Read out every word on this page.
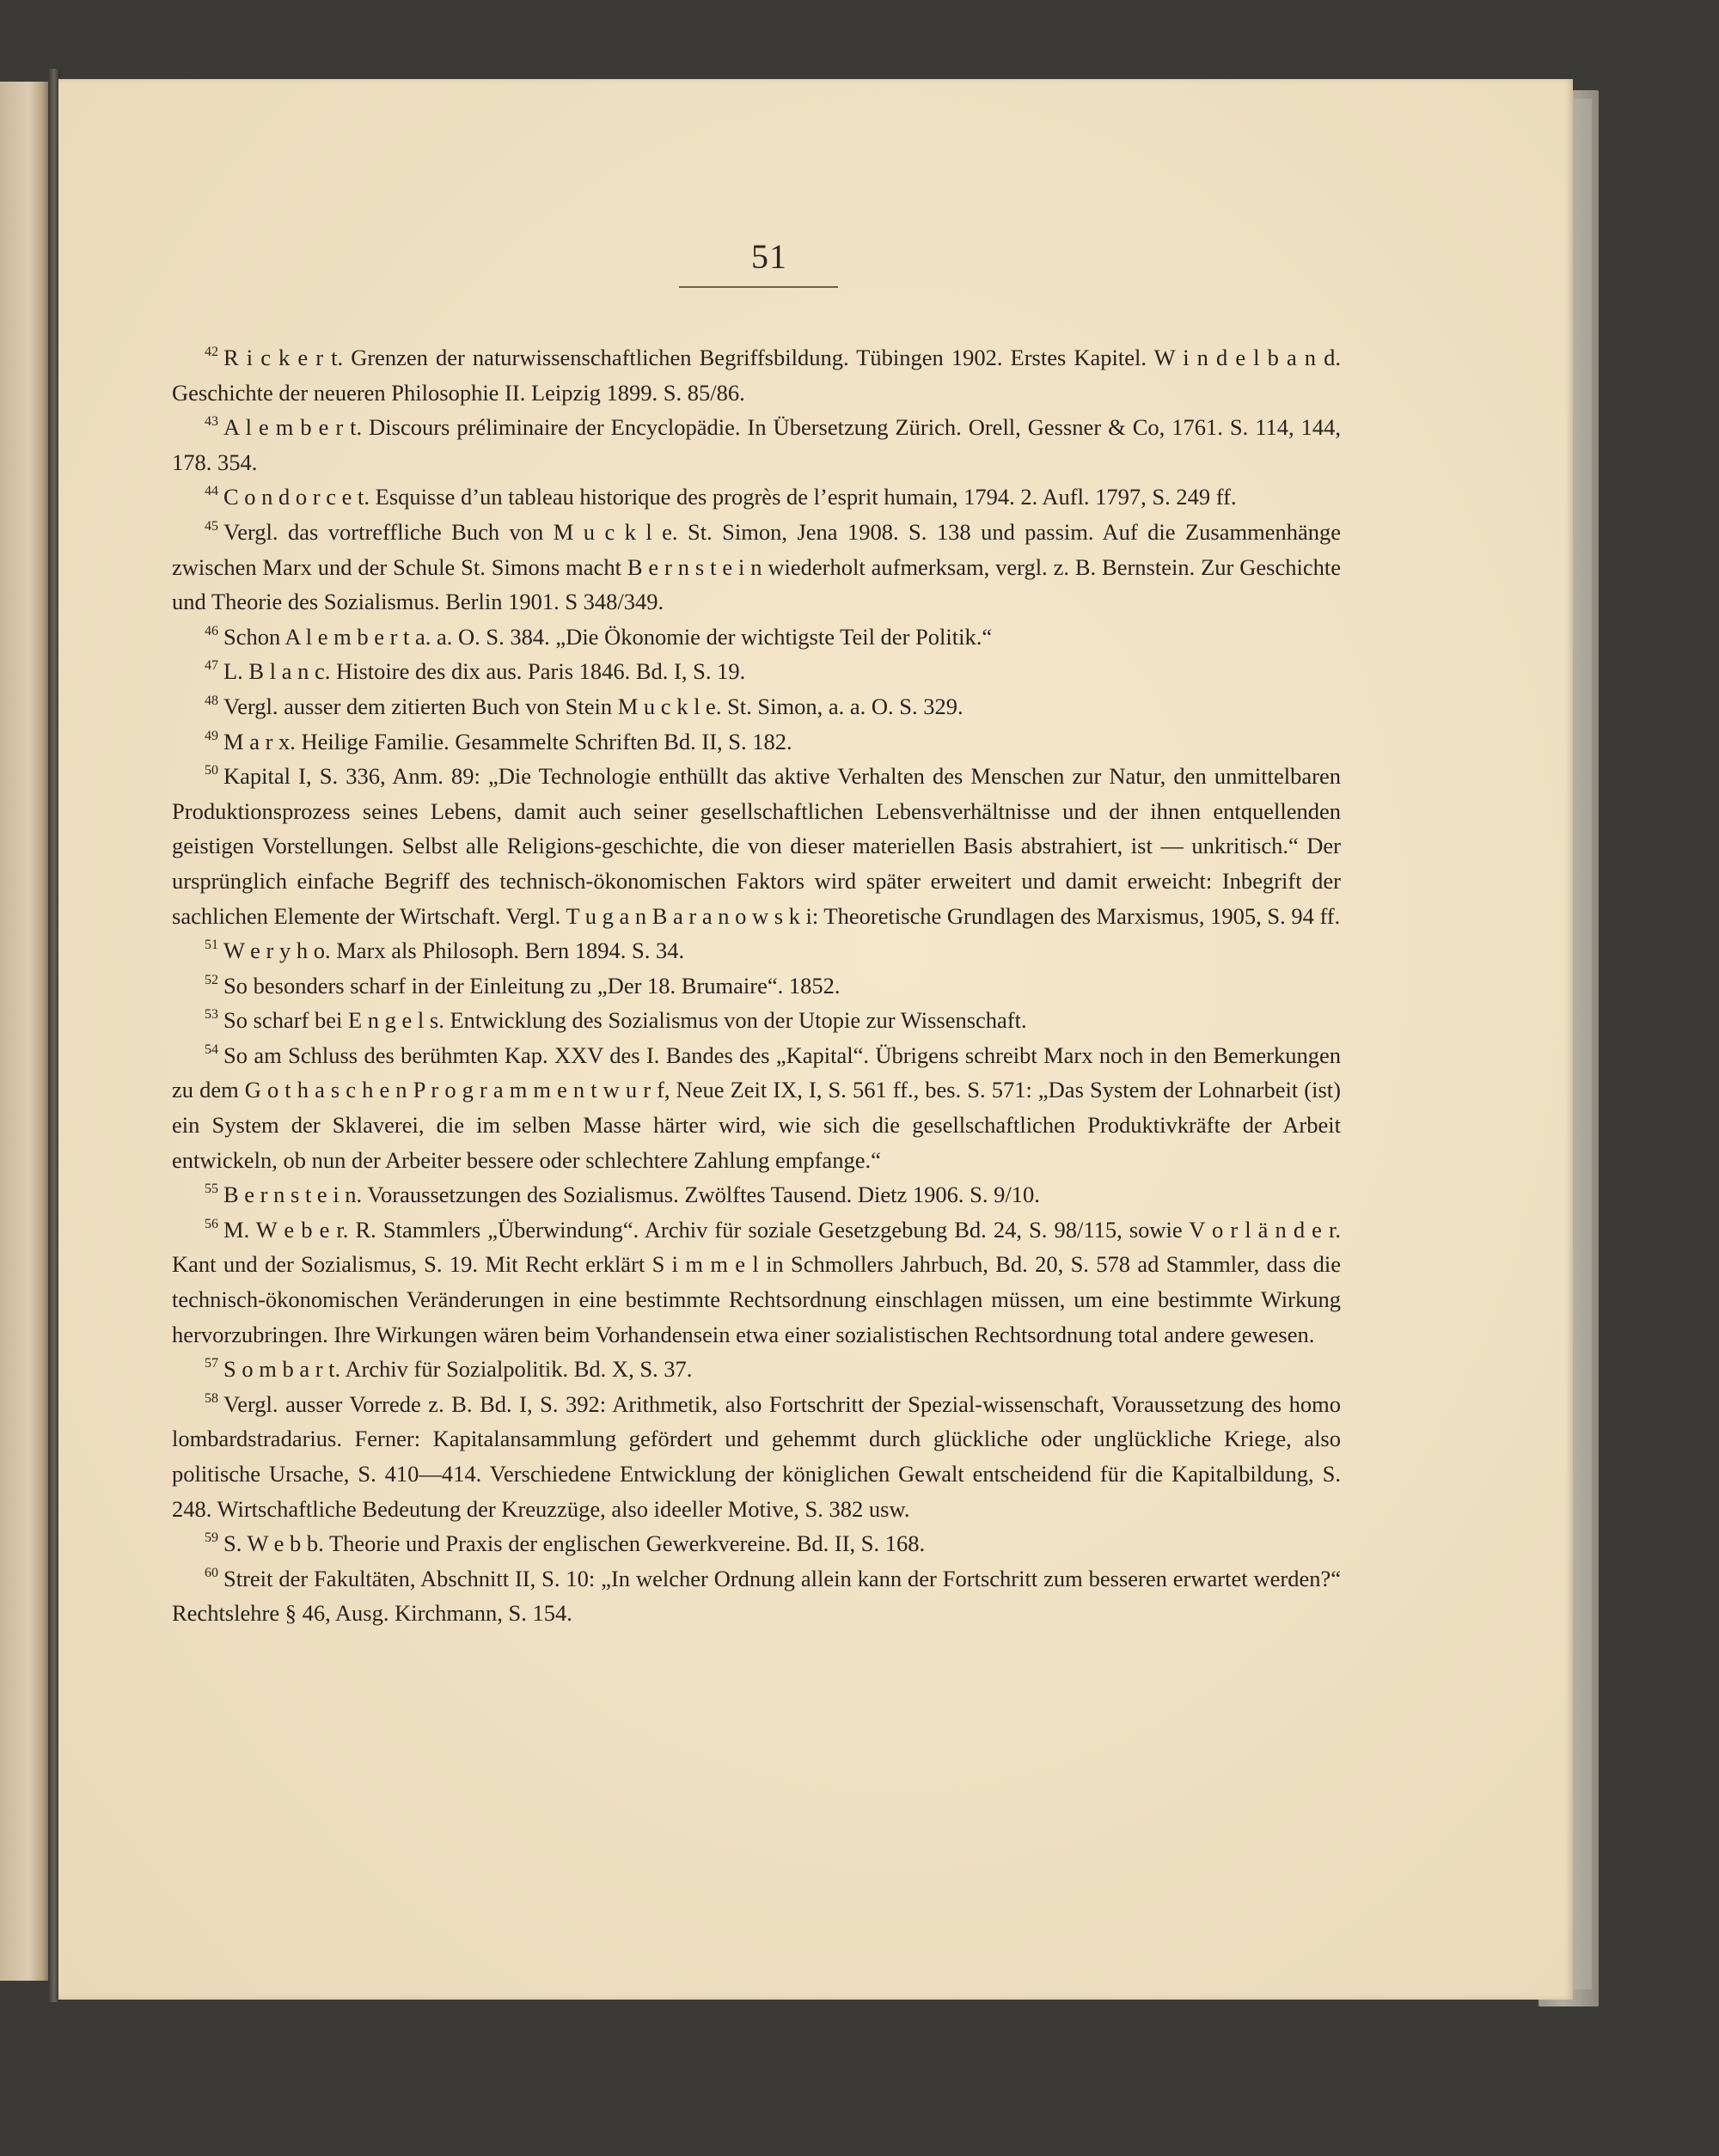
51

$^{42}$ R i c k e r t. Grenzen der naturwissenschaftlichen Begriffsbildung. Tübingen 1902. Erstes Kapitel. W i n d e l b a n d. Geschichte der neueren Philosophie II. Leipzig 1899. S. 85/86.

$^{43}$ A l e m b e r t. Discours préliminaire der Encyclopädie. In Übersetzung Zürich. Orell, Gessner & Co, 1761. S. 114, 144, 178. 354.

$^{44}$ C o n d o r c e t. Esquisse d’un tableau historique des progrès de l’esprit humain, 1794. 2. Aufl. 1797, S. 249 ff.

$^{45}$ Vergl. das vortreffliche Buch von M u c k l e. St. Simon, Jena 1908. S. 138 und passim. Auf die Zusammenhänge zwischen Marx und der Schule St. Simons macht B e r n s t e i n wiederholt aufmerksam, vergl. z. B. Bernstein. Zur Geschichte und Theorie des Sozialismus. Berlin 1901. S 348/349.

$^{46}$ Schon A l e m b e r t a. a. O. S. 384. „Die Ökonomie der wichtigste Teil der Politik.“

$^{47}$ L. B l a n c. Histoire des dix aus. Paris 1846. Bd. I, S. 19.

$^{48}$ Vergl. ausser dem zitierten Buch von Stein M u c k l e. St. Simon, a. a. O. S. 329.

$^{49}$ M a r x. Heilige Familie. Gesammelte Schriften Bd. II, S. 182.

$^{50}$ Kapital I, S. 336, Anm. 89: „Die Technologie enthüllt das aktive Verhalten des Menschen zur Natur, den unmittelbaren Produktionsprozess seines Lebens, damit auch seiner gesellschaftlichen Lebensverhältnisse und der ihnen entquellenden geistigen Vorstellungen. Selbst alle Religions-geschichte, die von dieser materiellen Basis abstrahiert, ist — unkritisch.“ Der ursprünglich einfache Begriff des technisch-ökonomischen Faktors wird später erweitert und damit erweicht: Inbegrift der sachlichen Elemente der Wirtschaft. Vergl. T u g a n B a r a n o w s k i: Theoretische Grundlagen des Marxismus, 1905, S. 94 ff.

$^{51}$ W e r y h o. Marx als Philosoph. Bern 1894. S. 34.

$^{52}$ So besonders scharf in der Einleitung zu „Der 18. Brumaire“. 1852.

$^{53}$ So scharf bei E n g e l s. Entwicklung des Sozialismus von der Utopie zur Wissenschaft.

$^{54}$ So am Schluss des berühmten Kap. XXV des I. Bandes des „Kapital“. Übrigens schreibt Marx noch in den Bemerkungen zu dem G o t h a s c h e n P r o g r a m m e n t w u r f, Neue Zeit IX, I, S. 561 ff., bes. S. 571: „Das System der Lohnarbeit (ist) ein System der Sklaverei, die im selben Masse härter wird, wie sich die gesellschaftlichen Produktivkräfte der Arbeit entwickeln, ob nun der Arbeiter bessere oder schlechtere Zahlung empfange.“

$^{55}$ B e r n s t e i n. Voraussetzungen des Sozialismus. Zwölftes Tausend. Dietz 1906. S. 9/10.

$^{56}$ M. W e b e r. R. Stammlers „Überwindung“. Archiv für soziale Gesetzgebung Bd. 24, S. 98/115, sowie V o r l ä n d e r. Kant und der Sozialismus, S. 19. Mit Recht erklärt S i m m e l in Schmollers Jahrbuch, Bd. 20, S. 578 ad Stammler, dass die technisch-ökonomischen Veränderungen in eine bestimmte Rechtsordnung einschlagen müssen, um eine bestimmte Wirkung hervorzubringen. Ihre Wirkungen wären beim Vorhandensein etwa einer sozialistischen Rechtsordnung total andere gewesen.

$^{57}$ S o m b a r t. Archiv für Sozialpolitik. Bd. X, S. 37.

$^{58}$ Vergl. ausser Vorrede z. B. Bd. I, S. 392: Arithmetik, also Fortschritt der Spezial-wissenschaft, Voraussetzung des homo lombardstradarius. Ferner: Kapitalansammlung gefördert und gehemmt durch glückliche oder unglückliche Kriege, also politische Ursache, S. 410—414. Verschiedene Entwicklung der königlichen Gewalt entscheidend für die Kapitalbildung, S. 248. Wirtschaftliche Bedeutung der Kreuzzüge, also ideeller Motive, S. 382 usw.

$^{59}$ S. W e b b. Theorie und Praxis der englischen Gewerkvereine. Bd. II, S. 168.

$^{60}$ Streit der Fakultäten, Abschnitt II, S. 10: „In welcher Ordnung allein kann der Fortschritt zum besseren erwartet werden?“ Rechtslehre § 46, Ausg. Kirchmann, S. 154.
